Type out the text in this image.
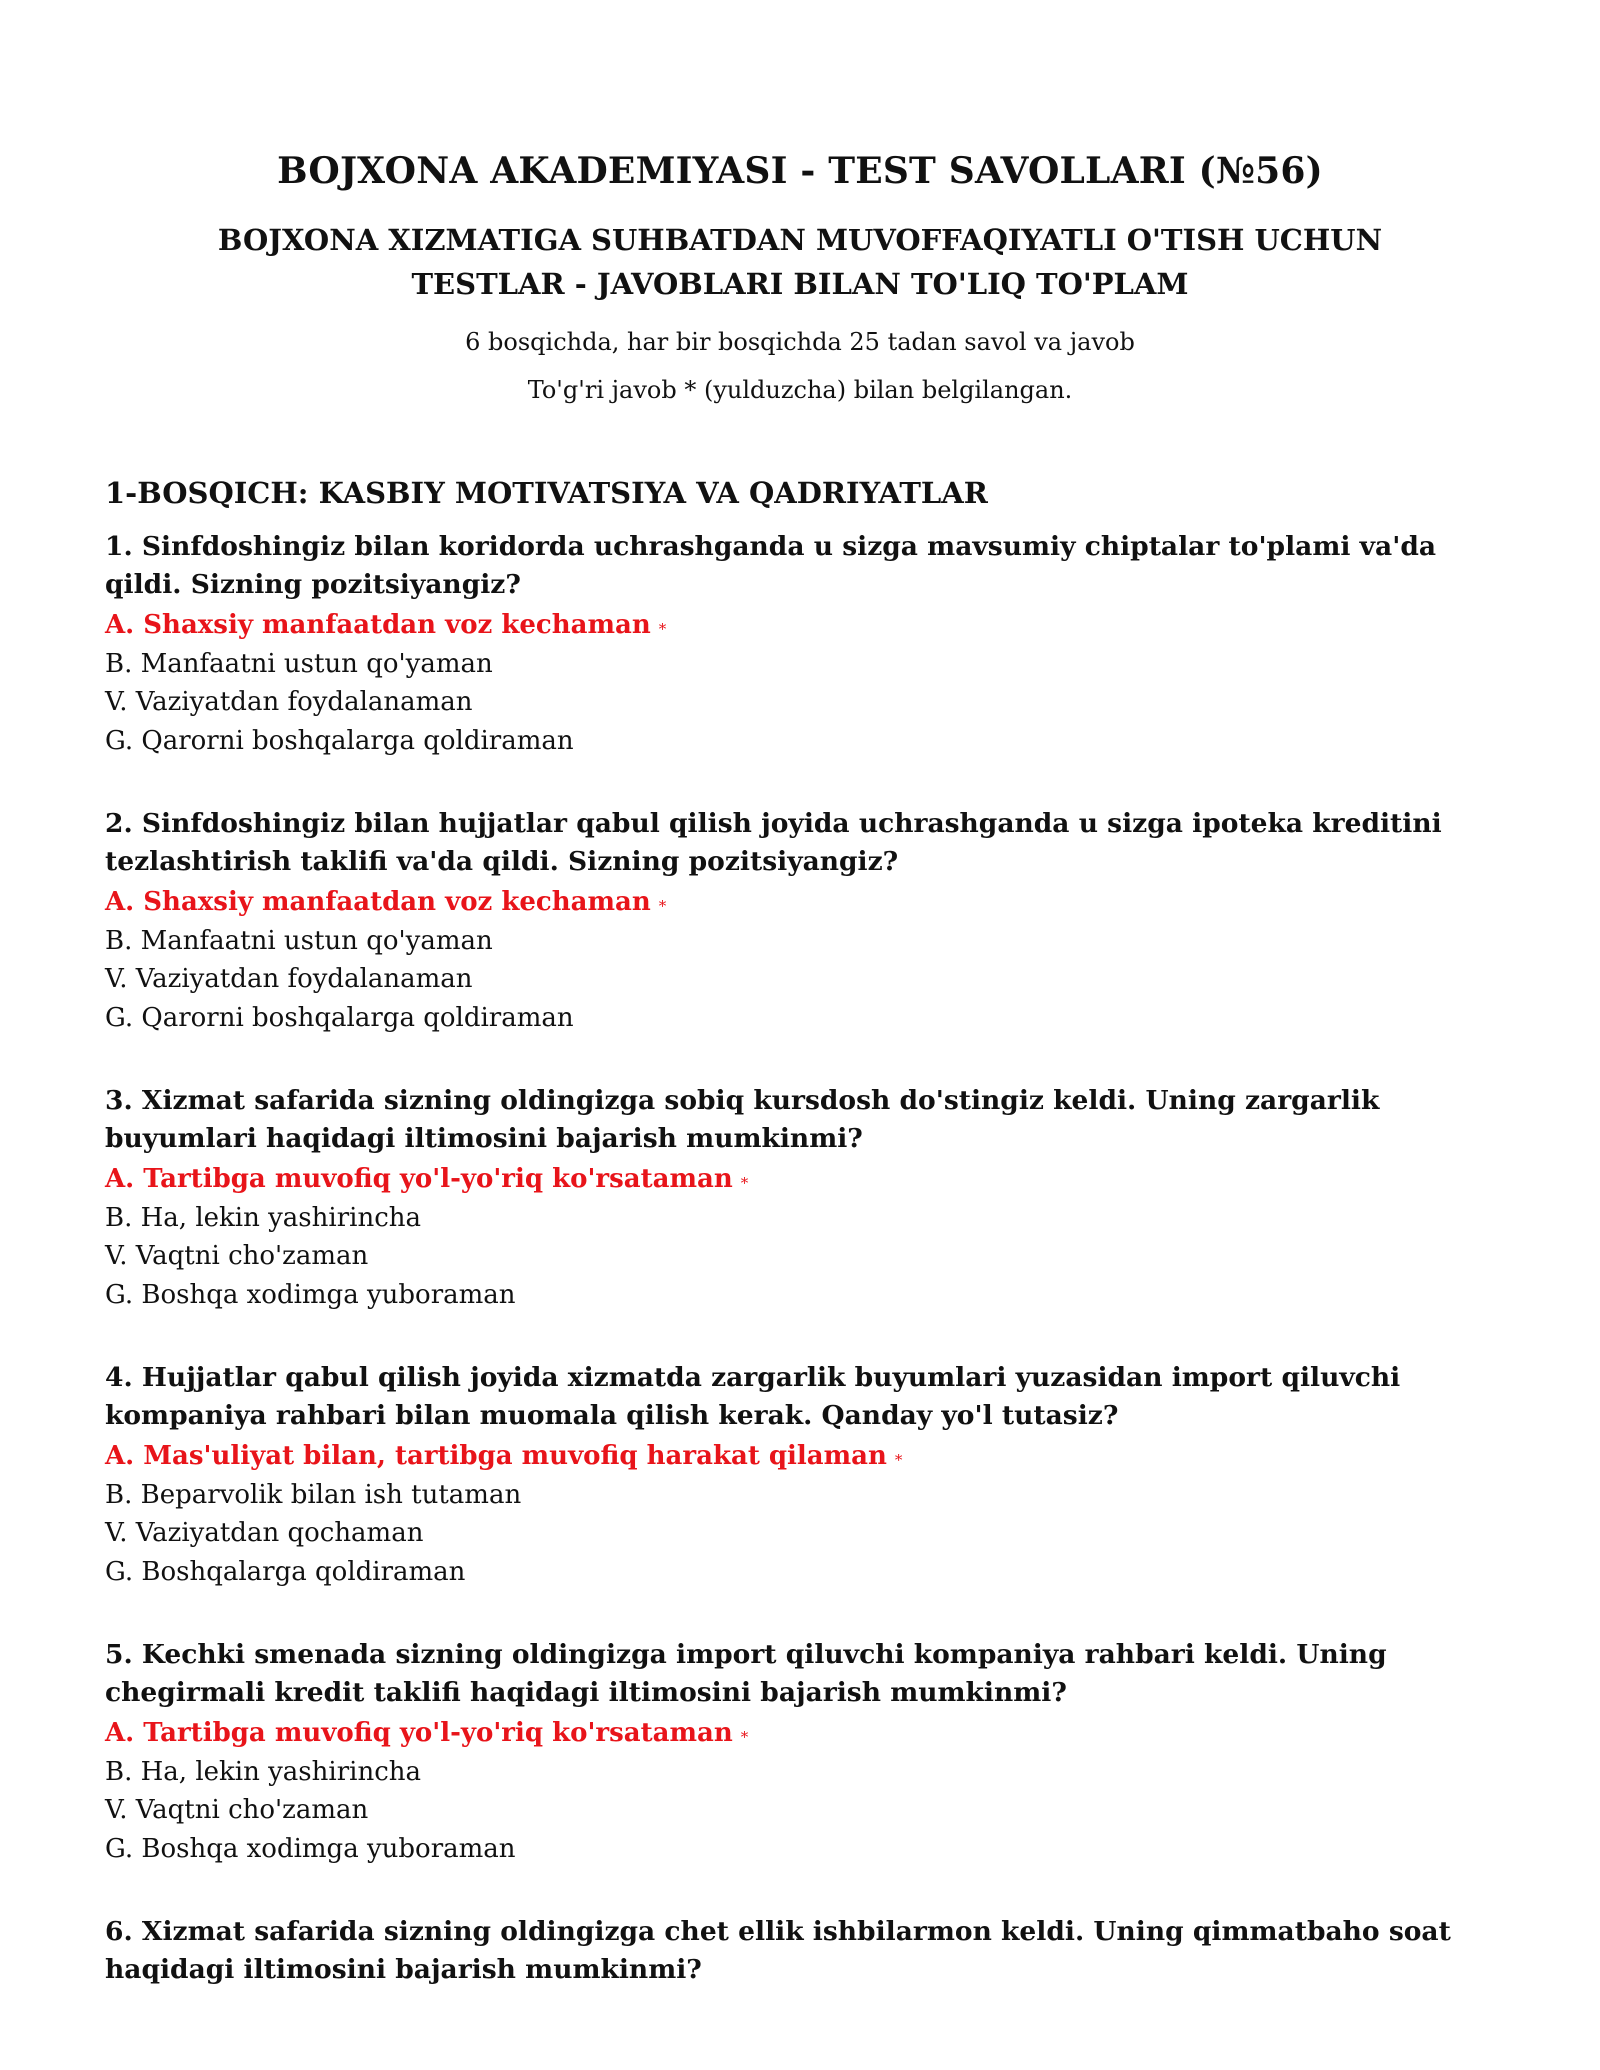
BOJXONA AKADEMIYASI - TEST SAVOLLARI (№56)
BOJXONA XIZMATIGA SUHBATDAN MUVOFFAQIYATLI O'TISH UCHUN TESTLAR - JAVOBLARI BILAN TO'LIQ TO'PLAM
6 bosqichda, har bir bosqichda 25 tadan savol va javob
To'g'ri javob * (yulduzcha) bilan belgilangan.
1-BOSQICH: KASBIY MOTIVATSIYA VA QADRIYATLAR
1. Sinfdoshingiz bilan koridorda uchrashganda u sizga mavsumiy chiptalar to'plami va'da qildi. Sizning pozitsiyangiz?
A. Shaxsiy manfaatdan voz kechaman *
B. Manfaatni ustun qo'yaman
V. Vaziyatdan foydalanaman
G. Qarorni boshqalarga qoldiraman
2. Sinfdoshingiz bilan hujjatlar qabul qilish joyida uchrashganda u sizga ipoteka kreditini tezlashtirish taklifi va'da qildi. Sizning pozitsiyangiz?
A. Shaxsiy manfaatdan voz kechaman *
B. Manfaatni ustun qo'yaman
V. Vaziyatdan foydalanaman
G. Qarorni boshqalarga qoldiraman
3. Xizmat safarida sizning oldingizga sobiq kursdosh do'stingiz keldi. Uning zargarlik buyumlari haqidagi iltimosini bajarish mumkinmi?
A. Tartibga muvofiq yo'l-yo'riq ko'rsataman *
B. Ha, lekin yashirincha
V. Vaqtni cho'zaman
G. Boshqa xodimga yuboraman
4. Hujjatlar qabul qilish joyida xizmatda zargarlik buyumlari yuzasidan import qiluvchi kompaniya rahbari bilan muomala qilish kerak. Qanday yo'l tutasiz?
A. Mas'uliyat bilan, tartibga muvofiq harakat qilaman *
B. Beparvolik bilan ish tutaman
V. Vaziyatdan qochaman
G. Boshqalarga qoldiraman
5. Kechki smenada sizning oldingizga import qiluvchi kompaniya rahbari keldi. Uning chegirmali kredit taklifi haqidagi iltimosini bajarish mumkinmi?
A. Tartibga muvofiq yo'l-yo'riq ko'rsataman *
B. Ha, lekin yashirincha
V. Vaqtni cho'zaman
G. Boshqa xodimga yuboraman
6. Xizmat safarida sizning oldingizga chet ellik ishbilarmon keldi. Uning qimmatbaho soat haqidagi iltimosini bajarish mumkinmi?
